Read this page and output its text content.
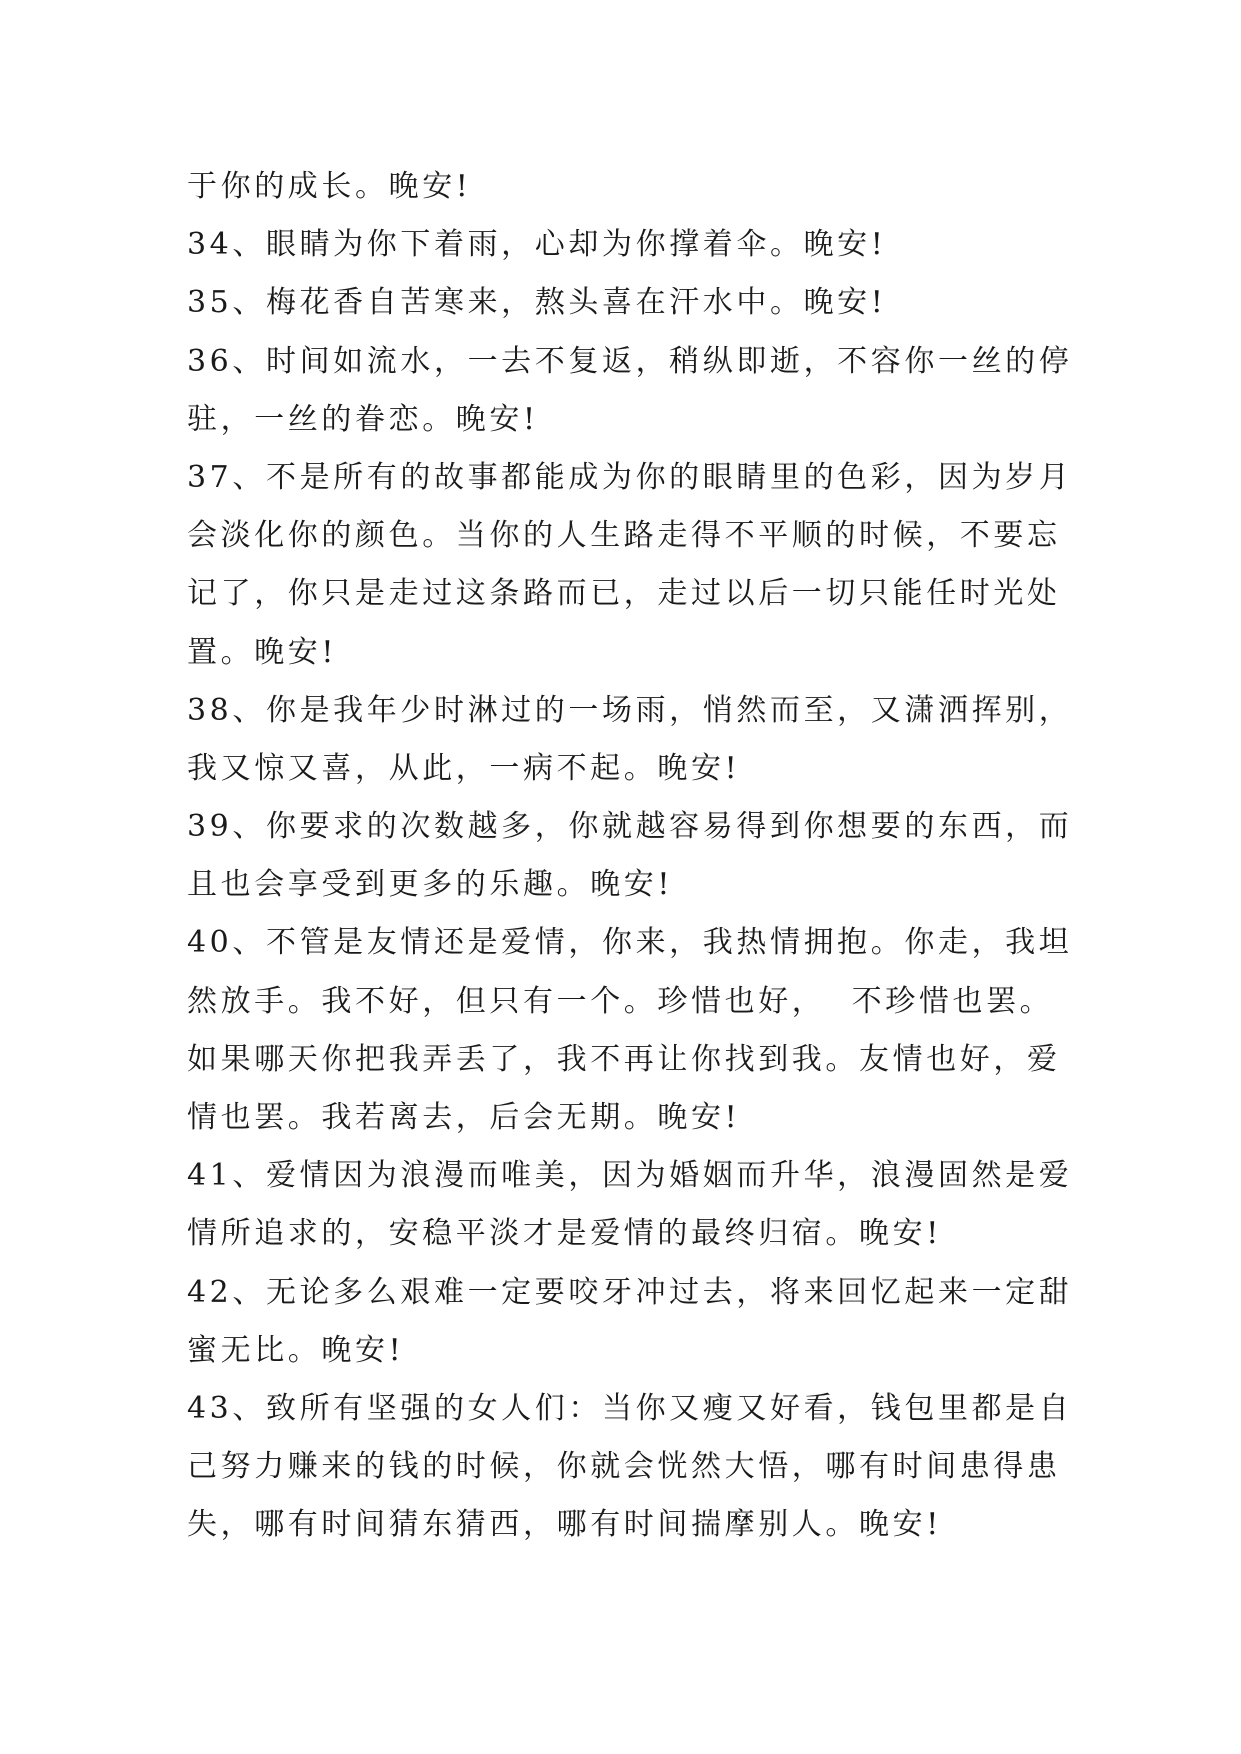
于你的成长。晚安!
34、眼睛为你下着雨，心却为你撑着伞。晚安!
35、梅花香自苦寒来，熬头喜在汗水中。晚安!
36、时间如流水，一去不复返，稍纵即逝，不容你一丝的停
驻，一丝的眷恋。晚安!
37、不是所有的故事都能成为你的眼睛里的色彩，因为岁月
会淡化你的颜色。当你的人生路走得不平顺的时候，不要忘
记了，你只是走过这条路而已，走过以后一切只能任时光处
置。晚安!
38、你是我年少时淋过的一场雨，悄然而至，又潇洒挥别，
我又惊又喜，从此，一病不起。晚安!
39、你要求的次数越多，你就越容易得到你想要的东西，而
且也会享受到更多的乐趣。晚安!
40、不管是友情还是爱情，你来，我热情拥抱。你走，我坦
然放手。我不好，但只有一个。珍惜也好，  不珍惜也罢。
如果哪天你把我弄丢了，我不再让你找到我。友情也好，爱
情也罢。我若离去，后会无期。晚安!
41、爱情因为浪漫而唯美，因为婚姻而升华，浪漫固然是爱
情所追求的，安稳平淡才是爱情的最终归宿。晚安!
42、无论多么艰难一定要咬牙冲过去，将来回忆起来一定甜
蜜无比。晚安!
43、致所有坚强的女人们：当你又瘦又好看，钱包里都是自
己努力赚来的钱的时候，你就会恍然大悟，哪有时间患得患
失，哪有时间猜东猜西，哪有时间揣摩别人。晚安!
